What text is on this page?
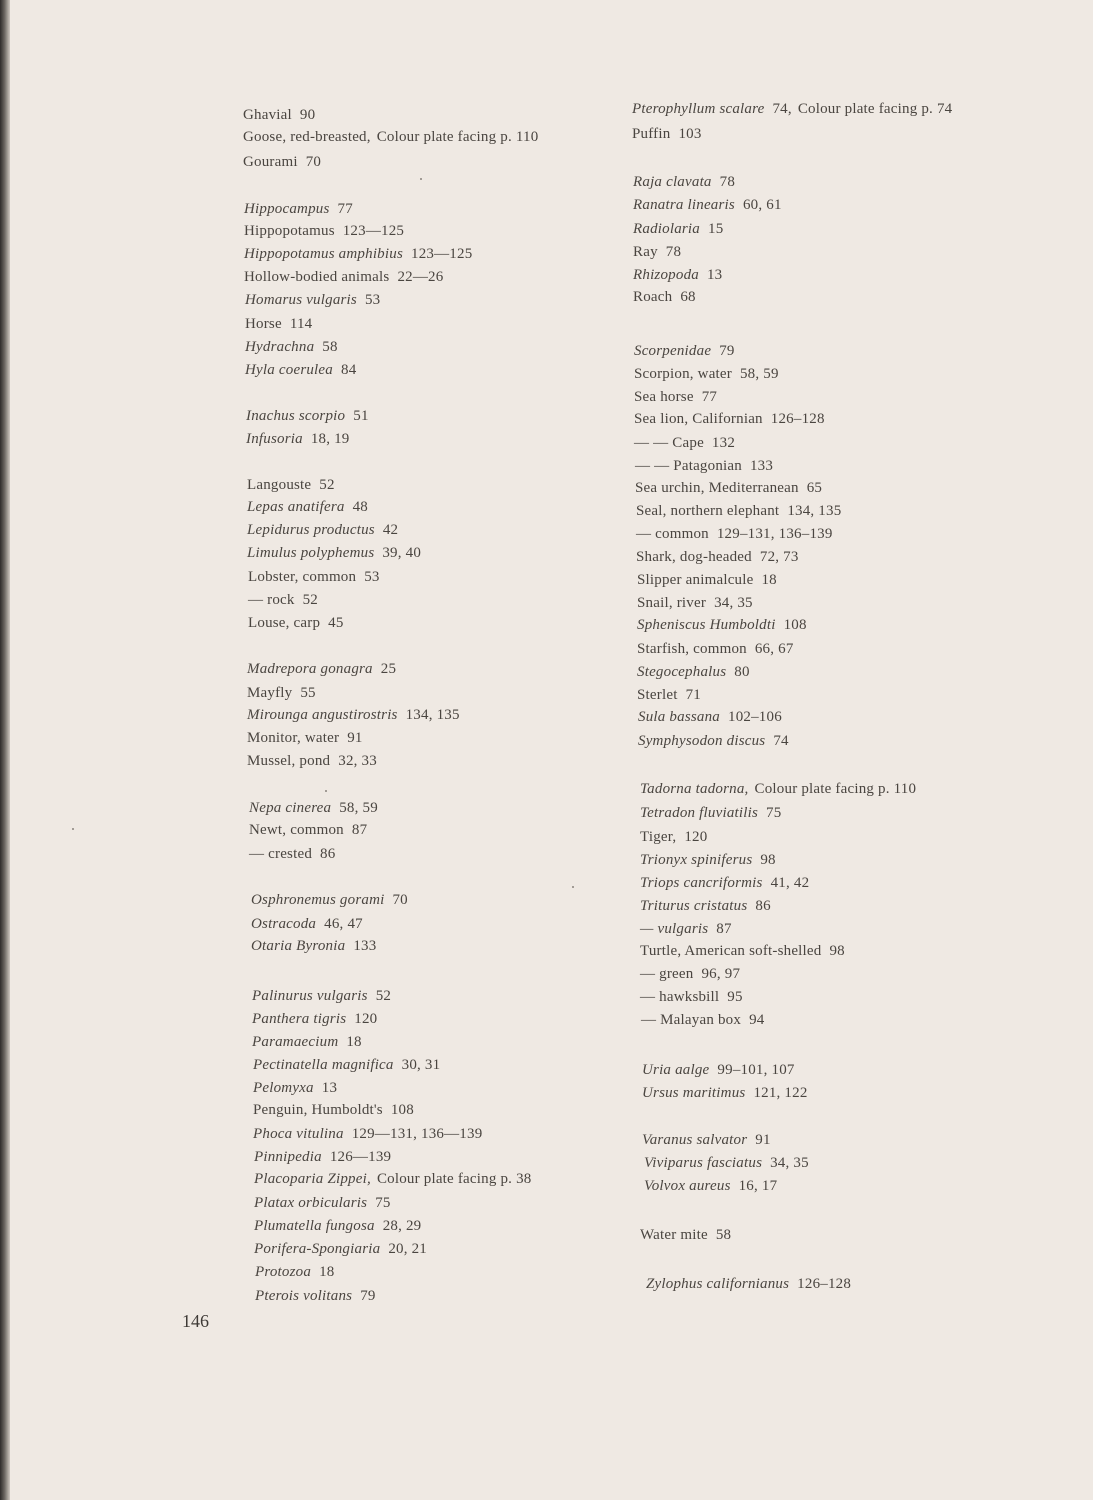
Ghavial 90
Goose, red-breasted, Colour plate facing p. 110
Gourami 70
Hippocampus 77
Hippopotamus 123—125
Hippopotamus amphibius 123—125
Hollow-bodied animals 22—26
Homarus vulgaris 53
Horse 114
Hydrachna 58
Hyla coerulea 84
Inachus scorpio 51
Infusoria 18, 19
Langouste 52
Lepas anatifera 48
Lepidurus productus 42
Limulus polyphemus 39, 40
Lobster, common 53
— rock 52
Louse, carp 45
Madrepora gonagra 25
Mayfly 55
Mirounga angustirostris 134, 135
Monitor, water 91
Mussel, pond 32, 33
Nepa cinerea 58, 59
Newt, common 87
— crested 86
Osphronemus gorami 70
Ostracoda 46, 47
Otaria Byronia 133
Palinurus vulgaris 52
Panthera tigris 120
Paramaecium 18
Pectinatella magnifica 30, 31
Pelomyxa 13
Penguin, Humboldt's 108
Phoca vitulina 129—131, 136—139
Pinnipedia 126—139
Placoparia Zippei, Colour plate facing p. 38
Platax orbicularis 75
Plumatella fungosa 28, 29
Porifera-Spongiaria 20, 21
Protozoa 18
Pterois volitans 79
Pterophyllum scalare 74, Colour plate facing p. 74
Puffin 103
Raja clavata 78
Ranatra linearis 60, 61
Radiolaria 15
Ray 78
Rhizopoda 13
Roach 68
Scorpenidae 79
Scorpion, water 58, 59
Sea horse 77
Sea lion, Californian 126–128
— — Cape 132
— — Patagonian 133
Sea urchin, Mediterranean 65
Seal, northern elephant 134, 135
— common 129–131, 136–139
Shark, dog-headed 72, 73
Slipper animalcule 18
Snail, river 34, 35
Spheniscus Humboldti 108
Starfish, common 66, 67
Stegocephalus 80
Sterlet 71
Sula bassana 102–106
Symphysodon discus 74
Tadorna tadorna, Colour plate facing p. 110
Tetradon fluviatilis 75
Tiger, 120
Trionyx spiniferus 98
Triops cancriformis 41, 42
Triturus cristatus 86
— vulgaris 87
Turtle, American soft-shelled 98
— green 96, 97
— hawksbill 95
— Malayan box 94
Uria aalge 99–101, 107
Ursus maritimus 121, 122
Varanus salvator 91
Viviparus fasciatus 34, 35
Volvox aureus 16, 17
Water mite 58
Zylophus californianus 126–128
146
